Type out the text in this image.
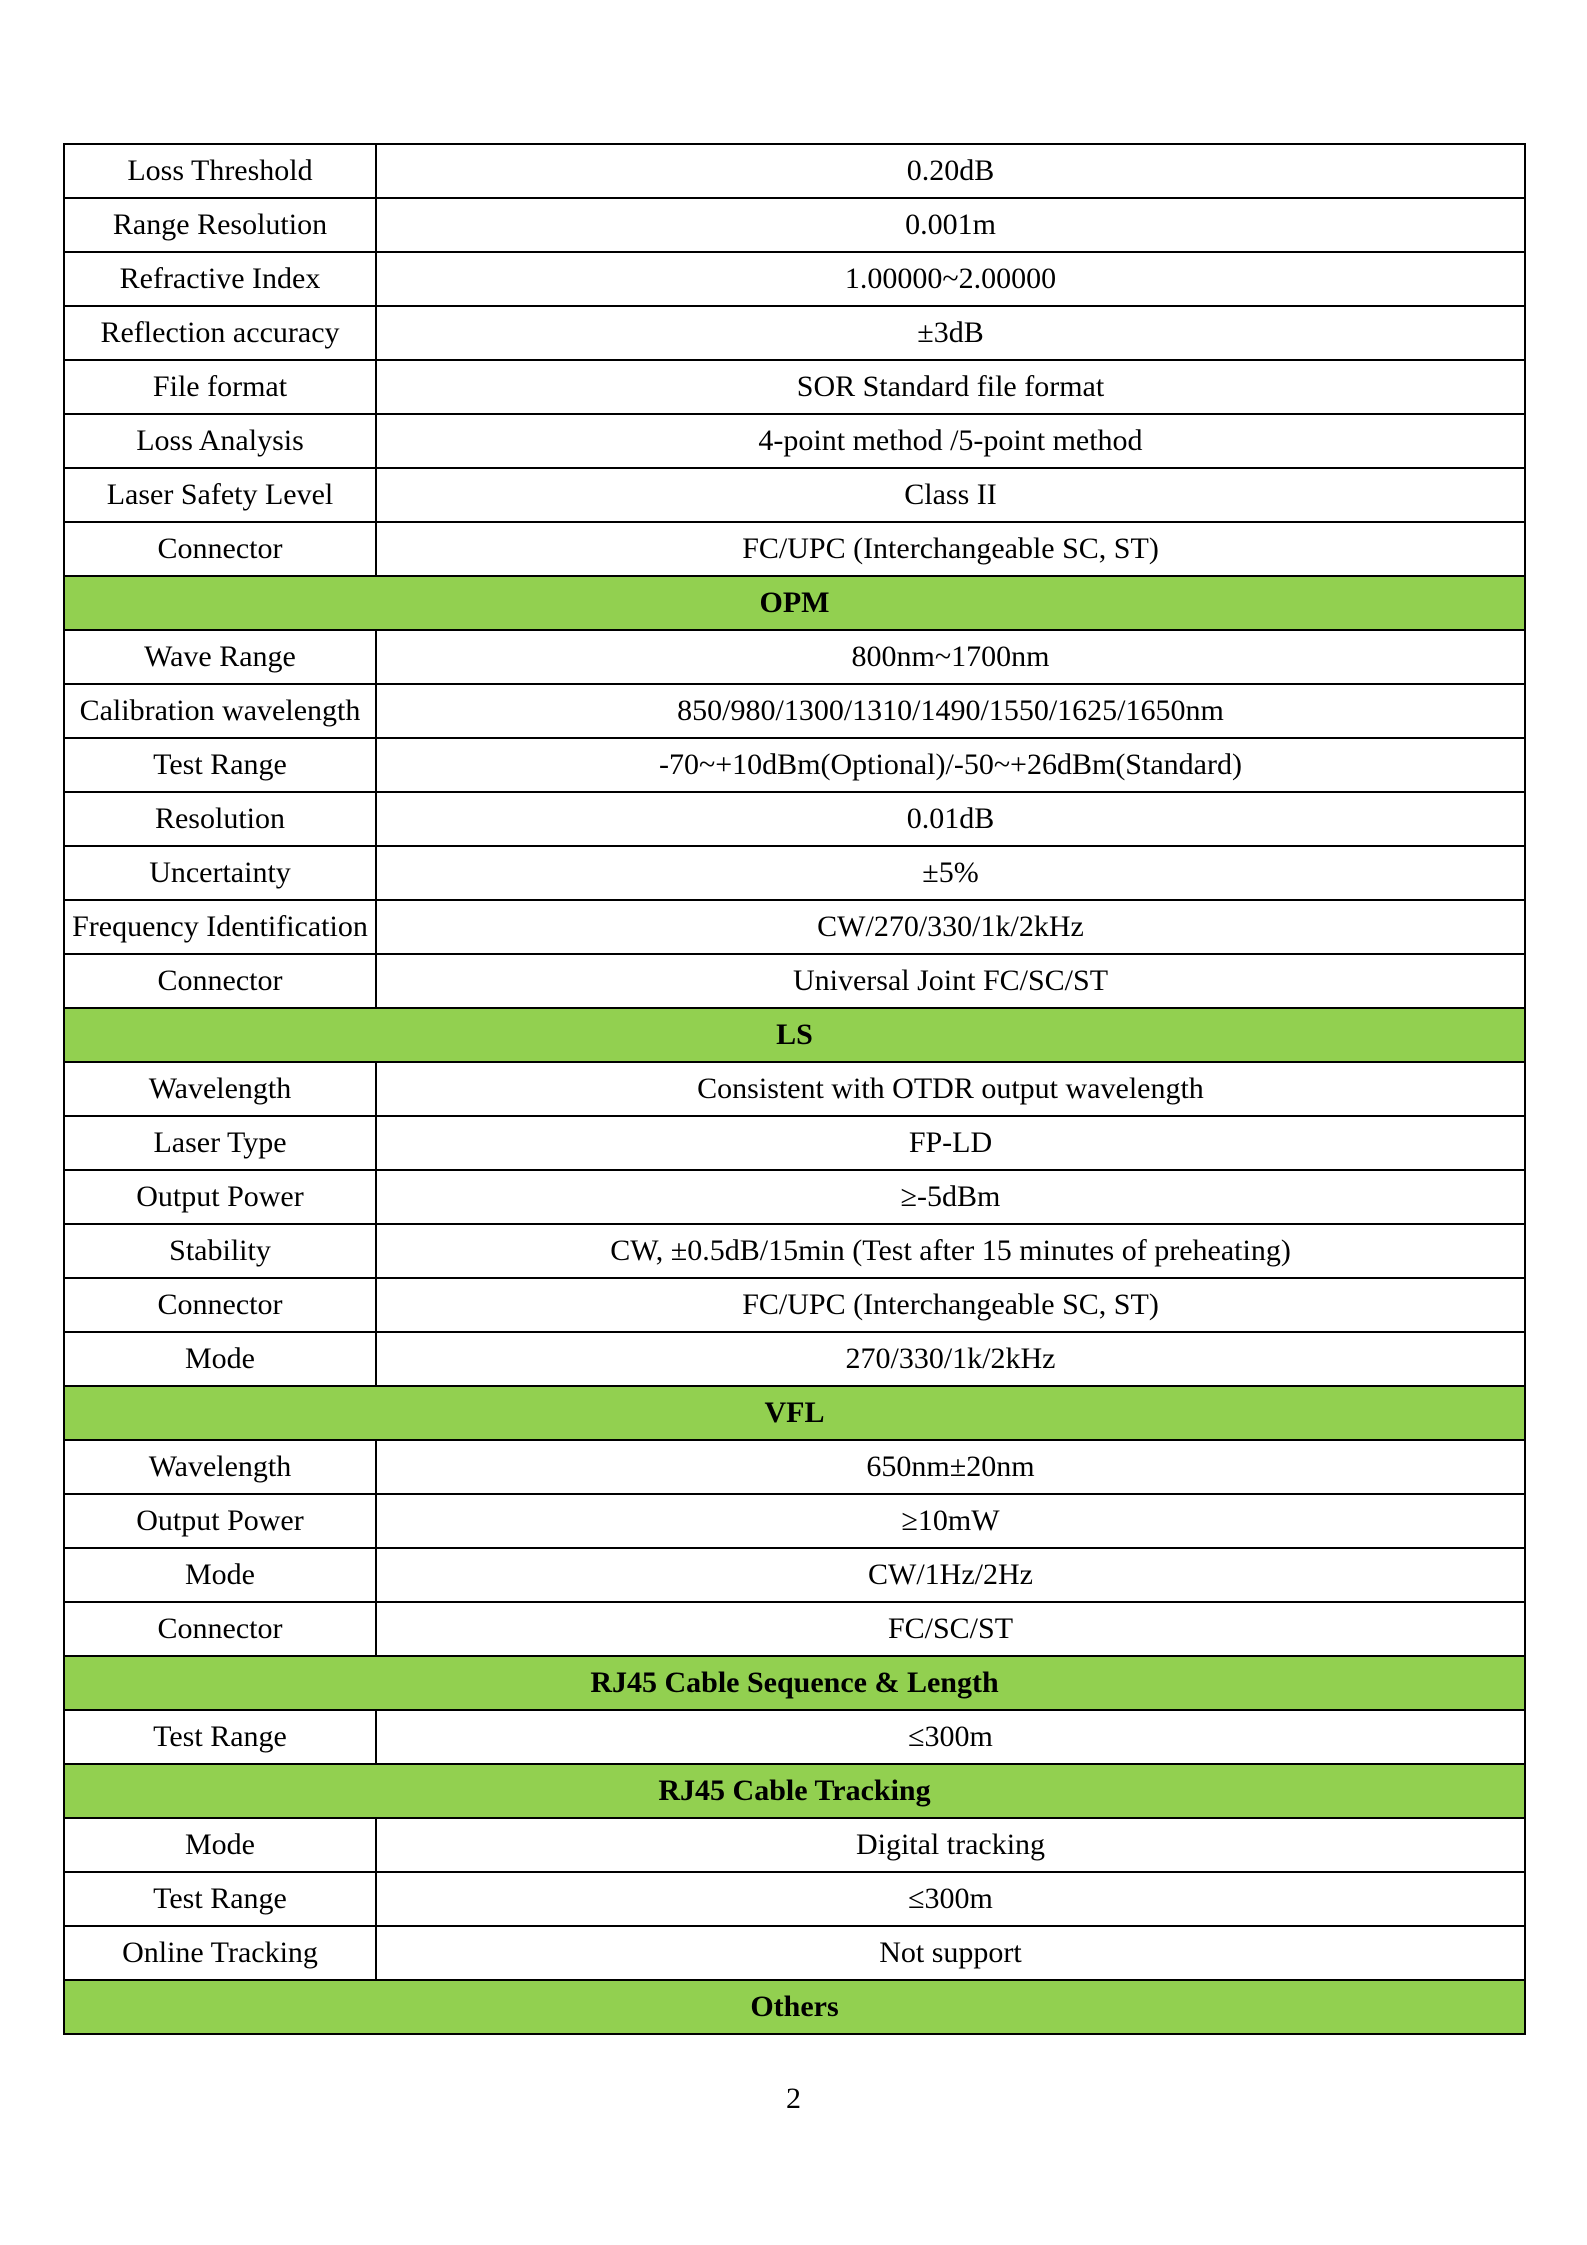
Loss Threshold	0.20dB
Range Resolution	0.001m
Refractive Index	1.00000~2.00000
Reflection accuracy	±3dB
File format	SOR Standard file format
Loss Analysis	4-point method /5-point method
Laser Safety Level	Class II
Connector	FC/UPC (Interchangeable SC, ST)
OPM	
Wave Range	800nm~1700nm
Calibration wavelength	850/980/1300/1310/1490/1550/1625/1650nm
Test Range	-70~+10dBm(Optional)/-50~+26dBm(Standard)
Resolution	0.01dB
Uncertainty	±5%
Frequency Identification	CW/270/330/1k/2kHz
Connector	Universal Joint FC/SC/ST
LS	
Wavelength	Consistent with OTDR output wavelength
Laser Type	FP-LD
Output Power	≥-5dBm
Stability	CW, ±0.5dB/15min (Test after 15 minutes of preheating)
Connector	FC/UPC (Interchangeable SC, ST)
Mode	270/330/1k/2kHz
VFL	
Wavelength	650nm±20nm
Output Power	≥10mW
Mode	CW/1Hz/2Hz
Connector	FC/SC/ST
RJ45 Cable Sequence & Length	
Test Range	≤300m
RJ45 Cable Tracking	
Mode	Digital tracking
Test Range	≤300m
Online Tracking	Not support
Others	
2
